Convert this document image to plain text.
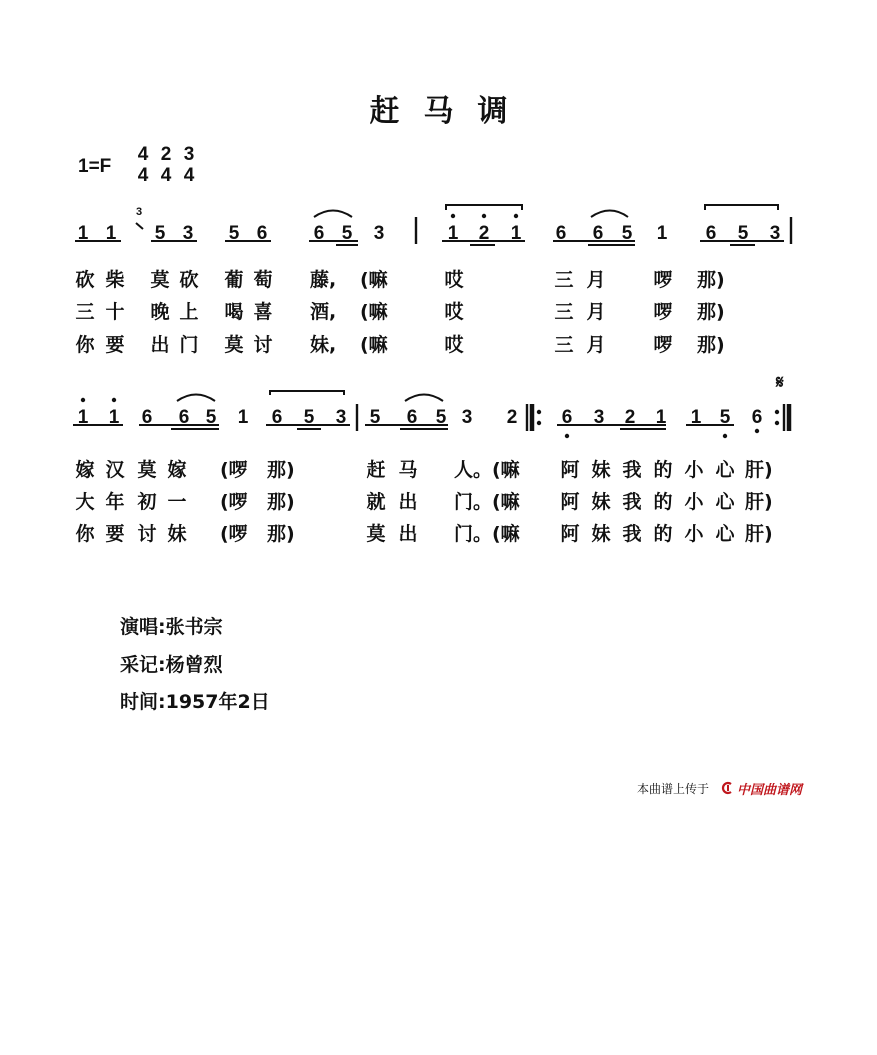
赶马调
1=F
4
4
2
4
3
4
3
1 1 5 3 5 6 6 5 3	1 2 1 6 6 5 1 6 5 3
砍 柴 莫 砍 葡 萄 藤, (嘛	哎	三 月	啰 那)
三 十 晚 上 喝 喜 酒, (嘛	哎	三 月	啰 那)
你 要 出 门 莫 讨 妹, (嘛	哎	三 月	啰 那)
1 1 6 6 5 1 6 5 3 5 6 5 3 2 6 3 2 1 1 5 6
𝄋
嫁 汉 莫 嫁 (啰 那)	赶 马 人。(嘛 阿 妹 我 的 小 心 肝)
大 年 初 一 (啰 那)	就 出 门。(嘛 阿 妹 我 的 小 心 肝)
你 要 讨 妹 (啰 那)	莫 出 门。(嘛 阿 妹 我 的 小 心 肝)
演唱:张书宗
采记:杨曾烈
时间:1957年2日
本曲谱上传于 中国曲谱网
